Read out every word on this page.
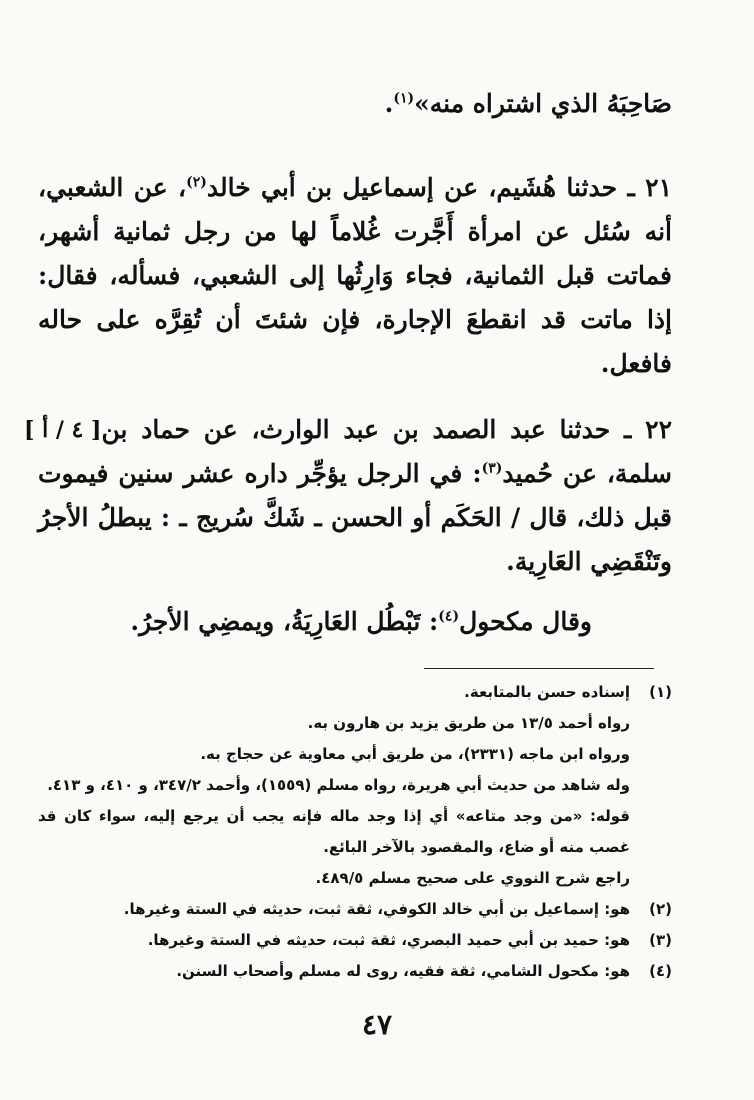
صَاحِبَهُ الذي اشتراه منه»$^{(١)}$.

٢١ ـ حدثنا هُشَيم، عن إسماعيل بن أبي خالد$^{(٢)}$، عن الشعبي، أنه سُئل عن امرأة أَجَّرت غُلاماً لها من رجل ثمانية أشهر، فماتت قبل الثمانية، فجاء وَارِثُها إلى الشعبي، فسأله، فقال: إذا ماتت قد انقطعَ الإجارة، فإن شئتَ أن تُقِرَّه على حاله فافعل.

[ ٤ / أ ] ٢٢ ـ حدثنا عبد الصمد بن عبد الوارث، عن حماد بن سلمة، عن حُميد$^{(٣)}$: في الرجل يؤجِّر داره عشر سنين فيموت قبل ذلك، قال / الحَكَم أو الحسن ـ شَكَّ سُريج ـ : يبطلُ الأجرُ وتَنْقَضِي العَارِية.

وقال مكحول$^{(٤)}$: تَبْطُل العَارِيَةُ، ويمضِي الأجرُ.

(١)
إسناده حسن بالمتابعة.
رواه أحمد ١٣/٥ من طريق يزيد بن هارون به.
ورواه ابن ماجه (٢٣٣١)، من طريق أبي معاوية عن حجاج به.
وله شاهد من حديث أبي هريرة، رواه مسلم (١٥٥٩)، وأحمد ٣٤٧/٢، و ٤١٠، و ٤١٣.
قوله: «من وجد متاعه» أي إذا وجد ماله فإنه يجب أن يرجع إليه، سواء كان قد غصب منه أو ضاع، والمقصود بالآخر البائع.
راجع شرح النووي على صحيح مسلم ٤٨٩/٥.
(٢)
هو: إسماعيل بن أبي خالد الكوفي، ثقة ثبت، حديثه في الستة وغيرها.
(٣)
هو: حميد بن أبي حميد البصري، ثقة ثبت، حديثه في الستة وغيرها.
(٤)
هو: مكحول الشامي، ثقة فقيه، روى له مسلم وأصحاب السنن.
٤٧
